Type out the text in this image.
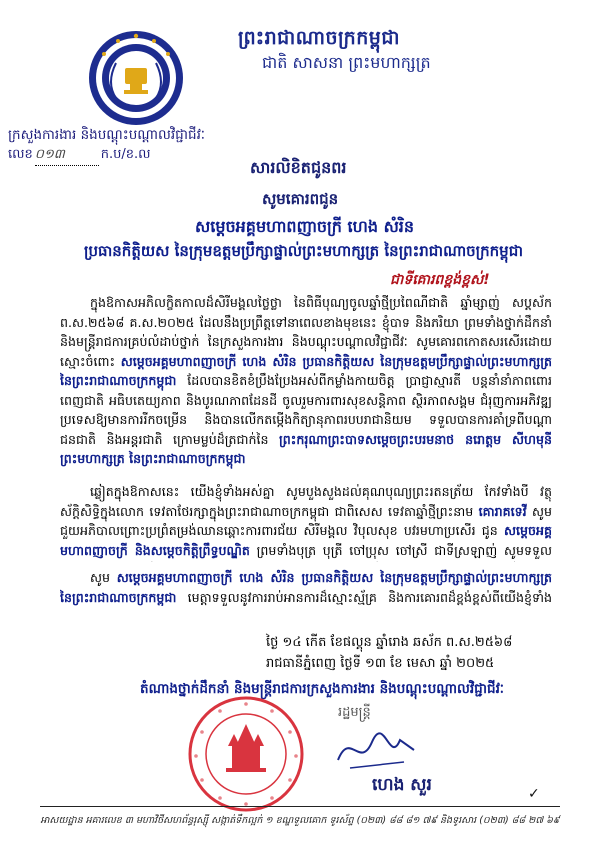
ព្រះរាជាណាចក្រកម្ពុជា
ជាតិ សាសនា ព្រះមហាក្សត្រ
ក្រសួងការងារ និងបណ្តុះបណ្តាលវិជ្ជាជីវៈ
លេខ ០១៣	ក.ប/ខ.ល
សារលិខិតជូនពរ
សូមគោរពជូន
សម្តេចអគ្គមហាពញាចក្រី ហេង សំរិន
ប្រធានកិត្តិយស នៃក្រុមឧត្តមប្រឹក្សាផ្ទាល់ព្រះមហាក្សត្រ នៃព្រះរាជាណាចក្រកម្ពុជា
ជាទីគោរពខ្ពង់ខ្ពស់!
ក្នុងឱកាសអភិលក្ខិតកាលដ៏សិរីមង្គលថ្លៃថ្លា នៃពិធីបុណ្យចូលឆ្នាំថ្មីប្រពៃណីជាតិ ឆ្នាំម្សាញ់ សប្តស័ក ព.ស.២៥៦៨ គ.ស.២០២៥ ដែលនឹងប្រព្រឹត្តទៅនាពេលខាងមុខនេះ ខ្ញុំបាទ និងភរិយា ព្រមទាំងថ្នាក់ដឹកនាំ និងមន្ត្រីរាជការគ្រប់លំដាប់ថ្នាក់ នៃក្រសួងការងារ និងបណ្តុះបណ្តាលវិជ្ជាជីវៈ សូមគោរពកោតសរសើរដោយស្មោះចំពោះ សម្តេចអគ្គមហាពញាចក្រី ហេង សំរិន ប្រធានកិត្តិយស នៃក្រុមឧត្តមប្រឹក្សាផ្ទាល់ព្រះមហាក្សត្រ នៃព្រះរាជាណាចក្រកម្ពុជា ដែលបានខិតខំប្រឹងប្រែងអស់ពីកម្លាំងកាយចិត្ត ប្រាជ្ញាស្មារតី បន្តនាំនាំភាពពោរពេញជាតិ អធិបតេយ្យភាព និងបូរណភាពដែនដី ចូលរួមការពារសុខសន្តិភាព ស្ថិរភាពសង្គម ជំរុញការអភិវឌ្ឍប្រទេសឱ្យមានការរីកចម្រើន និងបានលើកតម្កើងកិត្យានុភាពរបបរាជានិយម ទទួលបានការគាំទ្រពីបណ្តាជនជាតិ និងអន្តរជាតិ ក្រោមម្លប់ដ៏ត្រជាក់នៃ ព្រះករុណាព្រះបាទសម្តេចព្រះបរមនាថ នរោត្តម សីហមុនី ព្រះមហាក្សត្រ នៃព្រះរាជាណាចក្រកម្ពុជា
ឆ្លៀតក្នុងឱកាសនេះ យើងខ្ញុំទាំងអស់គ្នា សូមបួងសួងដល់គុណបុណ្យព្រះរតនត្រ័យ កែវទាំងបី វត្ថុស័ក្តិសិទ្ធិក្នុងលោក ទេវតាថែរក្សាក្នុងព្រះរាជាណាចក្រកម្ពុជា ជាពិសេស ទេវតាឆ្នាំថ្មីព្រះនាម គោរាគទេវី សូមជួយអភិបាលព្រោះប្រព្រំតម្រង់ឈានឆ្ពោះការពារជ័យ សិរីមង្គល វិបុលសុខ បវរមហាប្រសើរ ជូន សម្តេចអគ្គមហាពញាចក្រី និងសម្តេចកិត្តិព្រឹទ្ធបណ្ឌិត ព្រមទាំងបុត្រ បុត្រី ចៅប្រុស ចៅស្រី ជាទីស្រឡាញ់ សូមទទួល
សូម សម្តេចអគ្គមហាពញាចក្រី ហេង សំរិន ប្រធានកិត្តិយស នៃក្រុមឧត្តមប្រឹក្សាផ្ទាល់ព្រះមហាក្សត្រ នៃព្រះរាជាណាចក្រកម្ពុជា មេត្តាទទួលនូវការរាប់អានការដ៏ស្មោះស្ម័គ្រ និងការគោរពដ៏ខ្ពង់ខ្ពស់ពីយើងខ្ញុំទាំង
ថ្ងៃ ១៤ កើត ខែផល្គុន ឆ្នាំរោង ឆស័ក ព.ស.២៥៦៨
រាជធានីភ្នំពេញ ថ្ងៃទី ១៣ ខែ មេសា ឆ្នាំ ២០២៥
តំណាងថ្នាក់ដឹកនាំ និងមន្ត្រីរាជការក្រសួងការងារ និងបណ្តុះបណ្តាលវិជ្ជាជីវៈ
រដ្ឋមន្ត្រី
ហេង សួរ	✓
អាសយដ្ឋាន អគារលេខ ៣ មហាវិថីសហព័ន្ធរុស្ស៊ី សង្កាត់ទឹកល្អក់ ១ ខណ្ឌទួលគោក ទូរស័ព្ទ (០២៣) ៨៨ ៨១ ៧៩ និងទូរសារ (០២៣) ៨៨ ២៧ ៦៩
